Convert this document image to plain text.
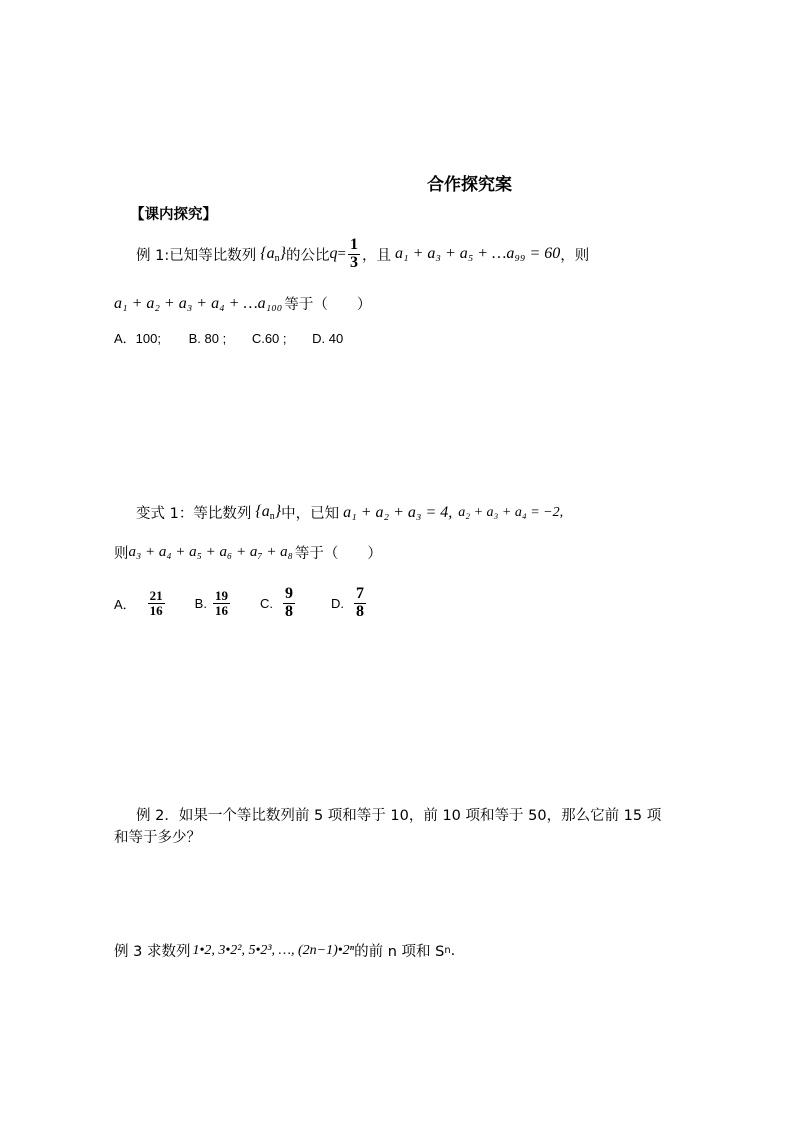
合作探究案
【课内探究】
例 1:已知等比数列 $\{a_n\}$ 的公比 $q = \frac{1}{3}$ ，且 a₁ + a₃ + a₅ + …a₉₉ = 60 ，则
a₁ + a₂ + a₃ + a₄ + …a₁₀₀ 等于（　　）
A．100; B. 80 ; C.60 ; D. 40
变式 1：等比数列 $\{a_n\}$ 中，已知 a₁ + a₂ + a₃ = 4, a₂ + a₃ + a₄ = −2,
则 a₃ + a₄ + a₅ + a₆ + a₇ + a₈ 等于（　　）
A． $\frac{21}{16} B$. $\frac{19}{16} C$. $\frac{9}{8}$	D. $\frac{7}{8}$
例 2．如果一个等比数列前 5 项和等于 10，前 10 项和等于 50，那么它前 15 项
和等于多少？
例 3 求数列 1•2, 3•2², 5•2³, …, (2n−1)•2ⁿ 的前 n 项和 S n .
